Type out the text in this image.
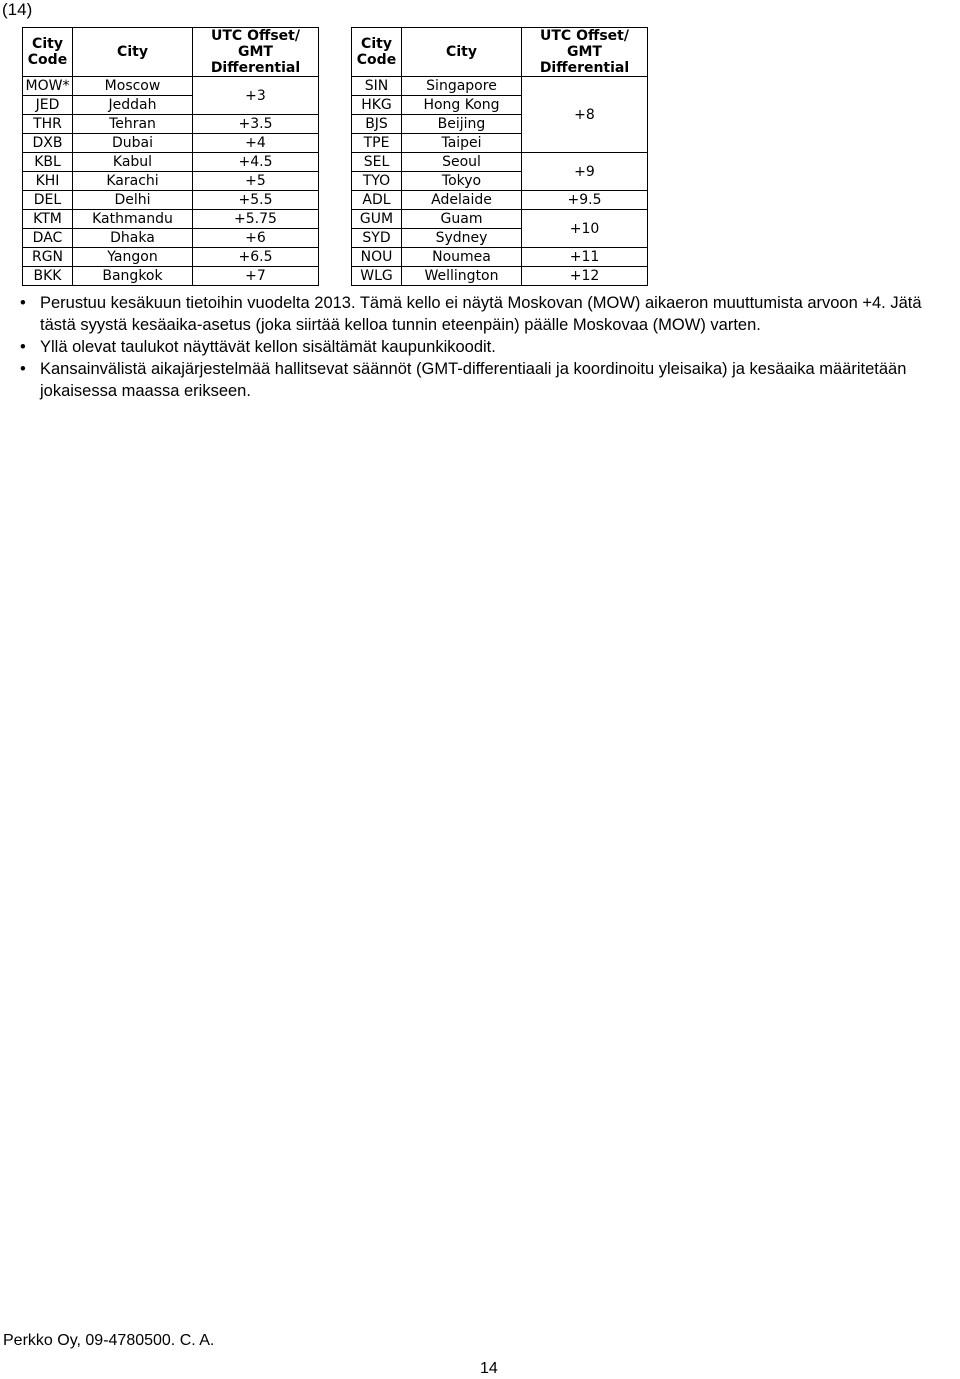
(14)
City Code	City	UTC Offset/ GMT Differential
MOW*	Moscow	+3
JED	Jeddah	
THR	Tehran	+3.5
DXB	Dubai	+4
KBL	Kabul	+4.5
KHI	Karachi	+5
DEL	Delhi	+5.5
KTM	Kathmandu	+5.75
DAC	Dhaka	+6
RGN	Yangon	+6.5
BKK	Bangkok	+7
City Code	City	UTC Offset/ GMT Differential
SIN	Singapore	+8
HKG	Hong Kong	
BJS	Beijing	
TPE	Taipei	
SEL	Seoul	+9
TYO	Tokyo	
ADL	Adelaide	+9.5
GUM	Guam	+10
SYD	Sydney	
NOU	Noumea	+11
WLG	Wellington	+12
• Perustuu kesäkuun tietoihin vuodelta 2013. Tämä kello ei näytä Moskovan (MOW) aikaeron muuttumista arvoon +4. Jätä tästä syystä kesäaika-asetus (joka siirtää kelloa tunnin eteenpäin) päälle Moskovaa (MOW) varten.
• Yllä olevat taulukot näyttävät kellon sisältämät kaupunkikoodit.
• Kansainvälistä aikajärjestelmää hallitsevat säännöt (GMT-differentiaali ja koordinoitu yleisaika) ja kesäaika määritetään jokaisessa maassa erikseen.
Perkko Oy, 09-4780500. C. A.
14
